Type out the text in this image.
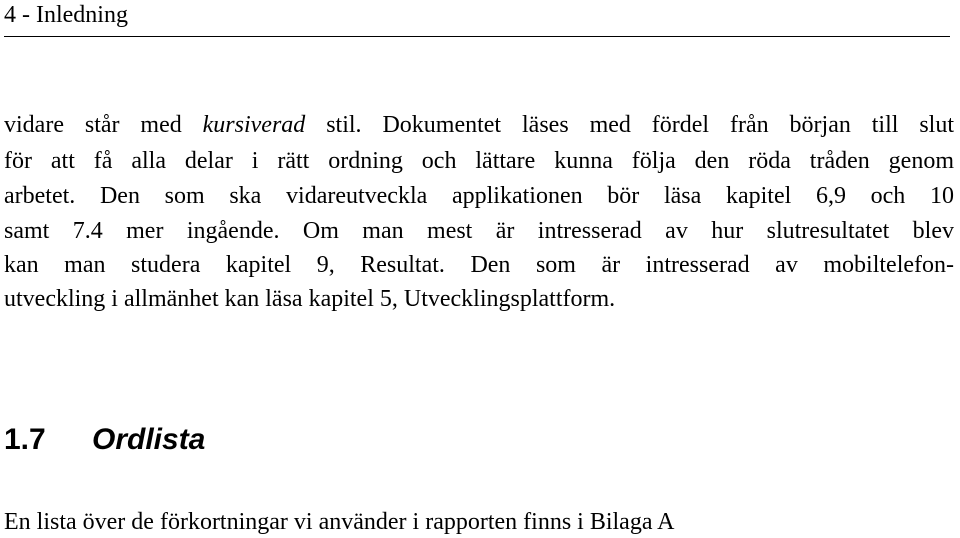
4 - Inledning
vidare står med kursiverad stil. Dokumentet läses med fördel från början till slut
för att få alla delar i rätt ordning och lättare kunna följa den röda tråden genom
arbetet. Den som ska vidareutveckla applikationen bör läsa kapitel 6,9 och 10
samt 7.4 mer ingående. Om man mest är intresserad av hur slutresultatet blev
kan man studera kapitel 9, Resultat. Den som är intresserad av mobiltelefon-
utveckling i allmänhet kan läsa kapitel 5, Utvecklingsplattform.
1.7 Ordlista
En lista över de förkortningar vi använder i rapporten finns i Bilaga A
